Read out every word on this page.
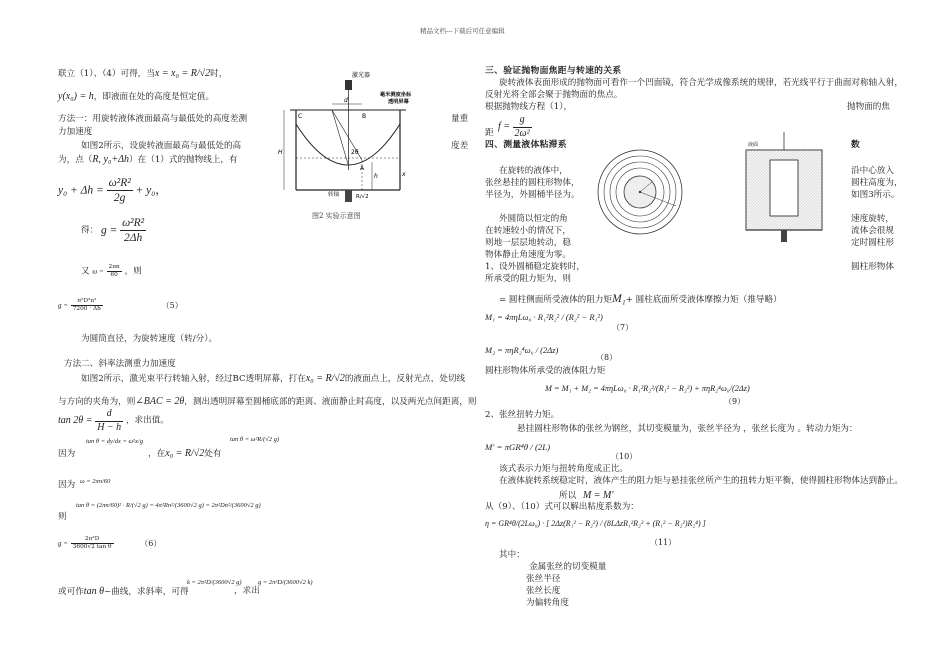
精品文档---下载后可任意编辑
联立（1）、（4）可得，当x = x₀ = R/√2时，
y(x₀) = h，即液面在处的高度是恒定值。
方法一：用旋转液体液面最高与最低处的高度差测
力加速度
如图2所示，设旋转液面最高与最低处的高
为，点（R, y₀+Δh）在（1）式的抛物线上，有
量重
度差
$y_0 + \Delta h = \frac{\text{ω²R²}}{2g} + y_0$，
得： $g = \frac{\text{ω²R²}}{2\Delta h}$
又 $\omega = \frac{2\pi n}{60}$ ，则
$g = \frac{\text{π²D²n²}}{7200 \cdot \Delta h}$	（5）
为圆筒直径，为旋转速度（转/分）。
方法二、斜率法测重力加速度
如图2所示，激光束平行转轴入射，经过BC透明屏幕，打在x₀ = R/√2的液面点上，反射光点，处切线
与方向的夹角为，则∠BAC = 2θ，测出透明屏幕至圆桶底部的距离、液面静止时高度，以及两光点间距离，则
$\tan 2\theta = \frac{d}{H - h}$ ，求出值。
因为
tan θ = dy/dx = ω²x/g
，在x₀ = R/√2处有
tan θ = ω²R/(√2 g)
因为 ω = 2πn/60
则
tan θ = (2πn/60)² · R/(√2 g) = 4π²Rn²/(3600√2 g) = 2π²Dn²/(3600√2 g)
$g = \frac{\text{2π²D}}{\text{3600√2 tan θ}}$	（6）
或可作tan θ~曲线，求斜率，可得
k = 2π²D/(3600√2 g)
，求出
g = 2π²D/(3600√2 k)
激光器
毫米测度坐标
透明屏幕
C	B
d
H
h
2θ
A
x
R/√2
转轴
图2 实验示意图
三、验证抛物面焦距与转速的关系
旋转液体表面形成的抛物面可看作一个凹面镜，符合光学成像系统的规律，若光线平行于曲面对称轴入射，
反射光将全部会聚于抛物面的焦点。
根据抛物线方程（1），	抛物面的焦
距
$f = \frac{g}{\text{2ω²}}$
四、测量液体粘滞系	数
在旋转的液体中，
张丝悬挂的圆柱形物体，
半径为，外圆桶半径为。
外圆筒以恒定的角
在转速较小的情况下，
则地一层层地转动，稳
物体静止角速度为零。
1、设外圆桶稳定旋转时，
所承受的阻力矩为，则
沿中心放入
圆柱高度为，
如图3所示。
速度旋转，
流体会很规
定时圆柱形
圆柱形物体
液面
= 圆柱侧面所受液体的阻力矩M₁+ 圆柱底面所受液体摩擦力矩（推导略）
M₁ = 4πηLω₀ · R₁²R₂² / (R₂² − R₁²)
（7）
M₂ = πηR₂⁴ω₀ / (2Δz)
（8）
圆柱形物体所承受的液体阻力矩
M = M₁ + M₂ = 4πηLω₀ · R₁²R₂²/(R₁² − R₂²) + πηR₂⁴ω₀/(2Δz)
（9）
2、张丝扭转力矩。
悬挂圆柱形物体的张丝为钢丝，其切变模量为，张丝半径为 ，张丝长度为 。转动力矩为：
M′ = πGR⁴θ / (2L)
（10）
该式表示力矩与扭转角度成正比。
在液体旋转系统稳定时，液体产生的阻力矩与悬挂张丝所产生的扭转力矩平衡，使得圆柱形物体达到静止。
所以 M = M′
从（9）、（10）式可以解出粘度系数为：
η = GR⁴θ/(2Lω₀) · [ 2Δz(R₁² − R₂²) / (8LΔzR₁²R₂² + (R₁² − R₂²)R₂⁴) ]
（11）
其中：
金属张丝的切变模量
张丝半径
张丝长度
为偏转角度
